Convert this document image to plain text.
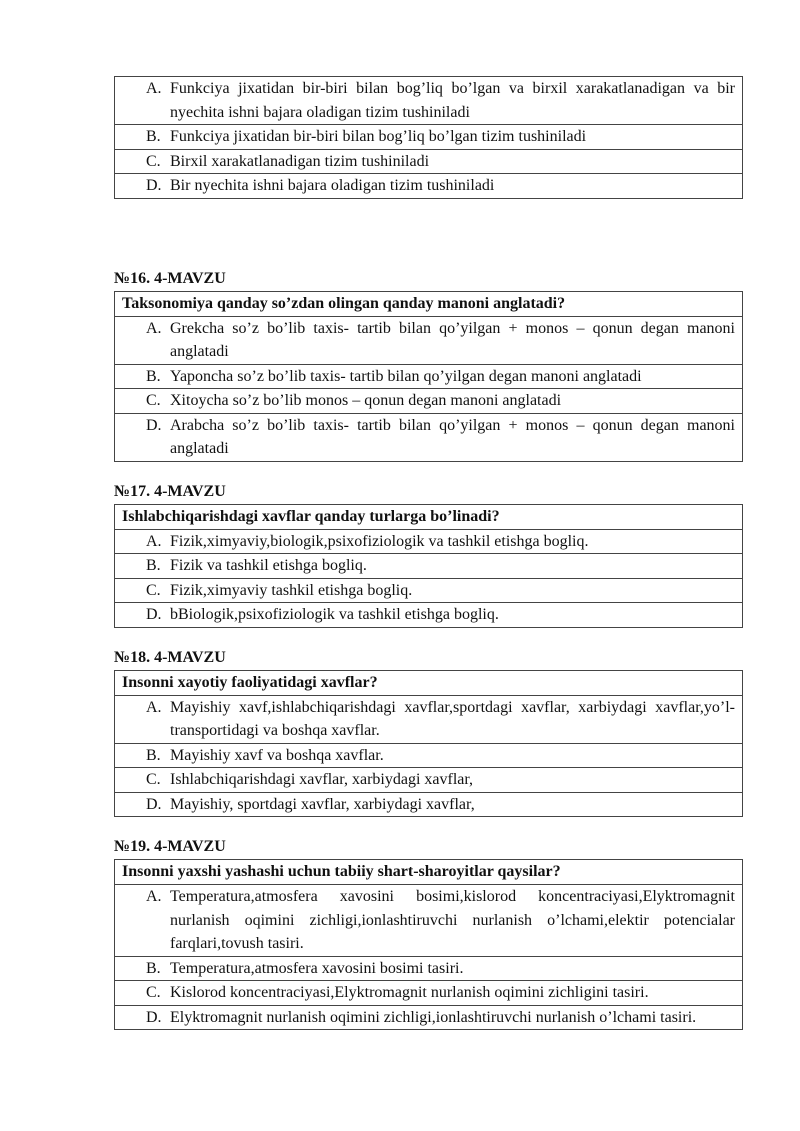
A. Funkciya jixatidan bir-biri bilan bog’liq bo’lgan va birxil xarakatlanadigan va bir nyechita ishni bajara oladigan tizim tushiniladi

B. Funkciya jixatidan bir-biri bilan bog’liq bo’lgan tizim tushiniladi

C. Birxil xarakatlanadigan tizim tushiniladi

D. Bir nyechita ishni bajara oladigan tizim tushiniladi
№16. 4-MAVZU
Taksonomiya qanday so’zdan olingan qanday manoni anglatadi?

A. Grekcha so’z bo’lib taxis- tartib bilan qo’yilgan + monos – qonun degan manoni anglatadi

B. Yaponcha so’z bo’lib taxis- tartib bilan qo’yilgan degan manoni anglatadi

C. Xitoycha so’z bo’lib monos – qonun degan manoni anglatadi

D. Arabcha so’z bo’lib taxis- tartib bilan qo’yilgan + monos – qonun degan manoni anglatadi
№17. 4-MAVZU
Ishlabchiqarishdagi xavflar qanday turlarga bo’linadi?

A. Fizik,ximyaviy,biologik,psixofiziologik va tashkil etishga bogliq.

B. Fizik va tashkil etishga bogliq.

C. Fizik,ximyaviy tashkil etishga bogliq.

D. bBiologik,psixofiziologik va tashkil etishga bogliq.
№18. 4-MAVZU
Insonni xayotiy faoliyatidagi xavflar?

A. Mayishiy xavf,ishlabchiqarishdagi xavflar,sportdagi xavflar, xarbiydagi xavflar,yo’l-transportidagi va boshqa xavflar.

B. Mayishiy xavf va boshqa xavflar.

C. Ishlabchiqarishdagi xavflar, xarbiydagi xavflar,

D. Mayishiy, sportdagi xavflar, xarbiydagi xavflar,
№19. 4-MAVZU
Insonni yaxshi yashashi uchun tabiiy shart-sharoyitlar qaysilar?

A. Temperatura,atmosfera xavosini bosimi,kislorod koncentraciyasi,Elyktromagnit nurlanish oqimini zichligi,ionlashtiruvchi nurlanish o’lchami,elektir potencialar farqlari,tovush tasiri.

B. Temperatura,atmosfera xavosini bosimi tasiri.

C. Kislorod koncentraciyasi,Elyktromagnit nurlanish oqimini zichligini tasiri.

D. Elyktromagnit nurlanish oqimini zichligi,ionlashtiruvchi nurlanish o’lchami tasiri.
